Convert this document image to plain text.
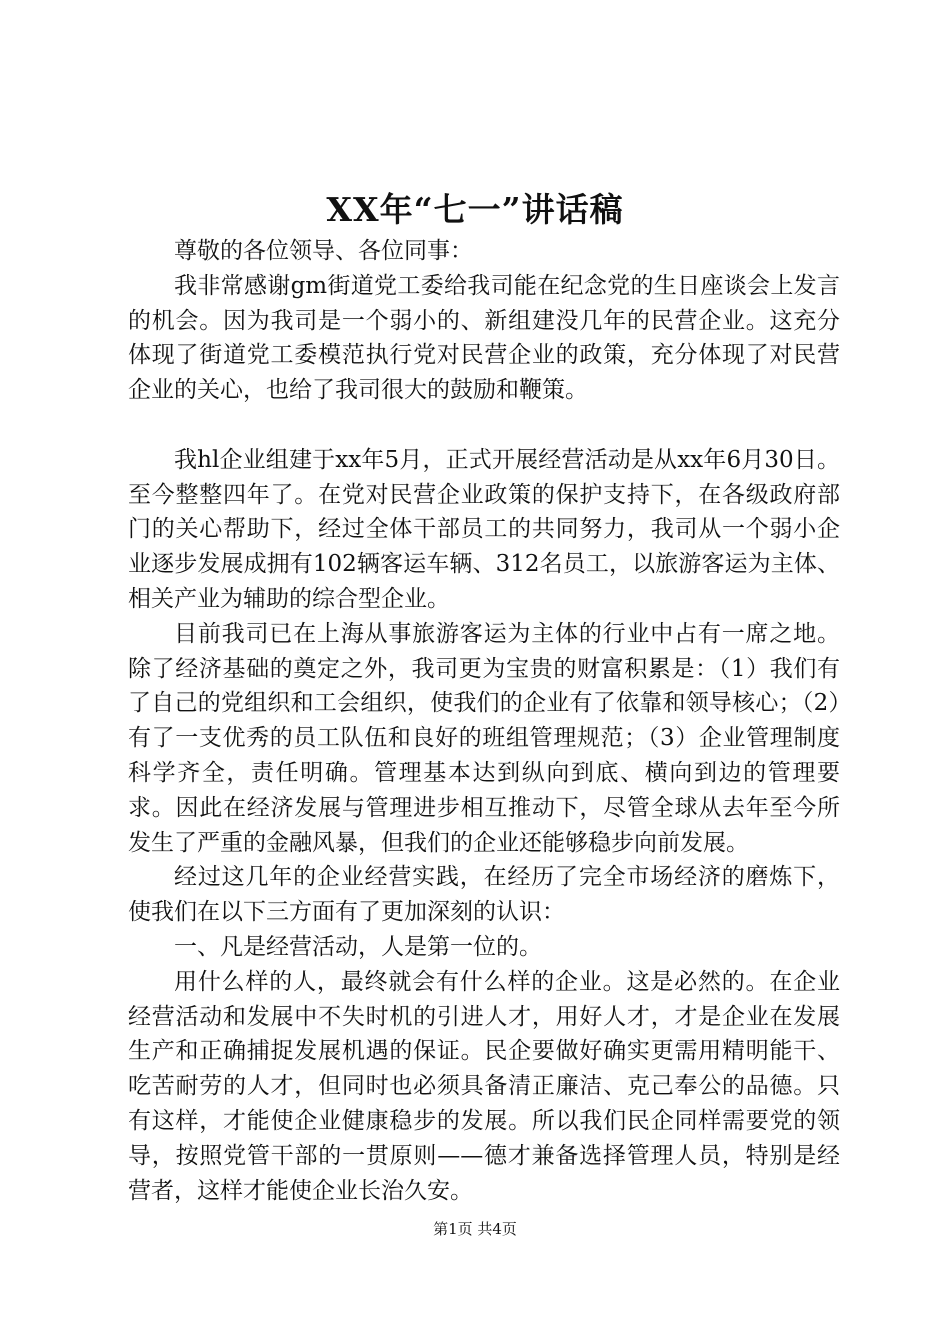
XX年“七一”讲话稿

尊敬的各位领导、各位同事：

我非常感谢gm街道党工委给我司能在纪念党的生日座谈会上发言的机会。因为我司是一个弱小的、新组建没几年的民营企业。这充分体现了街道党工委模范执行党对民营企业的政策，充分体现了对民营企业的关心，也给了我司很大的鼓励和鞭策。

我hl企业组建于xx年5月，正式开展经营活动是从xx年6月30日。至今整整四年了。在党对民营企业政策的保护支持下，在各级政府部门的关心帮助下，经过全体干部员工的共同努力，我司从一个弱小企业逐步发展成拥有102辆客运车辆、312名员工，以旅游客运为主体、相关产业为辅助的综合型企业。

目前我司已在上海从事旅游客运为主体的行业中占有一席之地。除了经济基础的奠定之外，我司更为宝贵的财富积累是：（1）我们有了自己的党组织和工会组织，使我们的企业有了依靠和领导核心；（2）有了一支优秀的员工队伍和良好的班组管理规范；（3）企业管理制度科学齐全，责任明确。管理基本达到纵向到底、横向到边的管理要求。因此在经济发展与管理进步相互推动下，尽管全球从去年至今所发生了严重的金融风暴，但我们的企业还能够稳步向前发展。

经过这几年的企业经营实践，在经历了完全市场经济的磨炼下，使我们在以下三方面有了更加深刻的认识：

一、凡是经营活动，人是第一位的。

用什么样的人，最终就会有什么样的企业。这是必然的。在企业经营活动和发展中不失时机的引进人才，用好人才，才是企业在发展生产和正确捕捉发展机遇的保证。民企要做好确实更需用精明能干、吃苦耐劳的人才，但同时也必须具备清正廉洁、克己奉公的品德。只有这样，才能使企业健康稳步的发展。所以我们民企同样需要党的领导，按照党管干部的一贯原则——德才兼备选择管理人员，特别是经营者，这样才能使企业长治久安。

第1页 共4页
